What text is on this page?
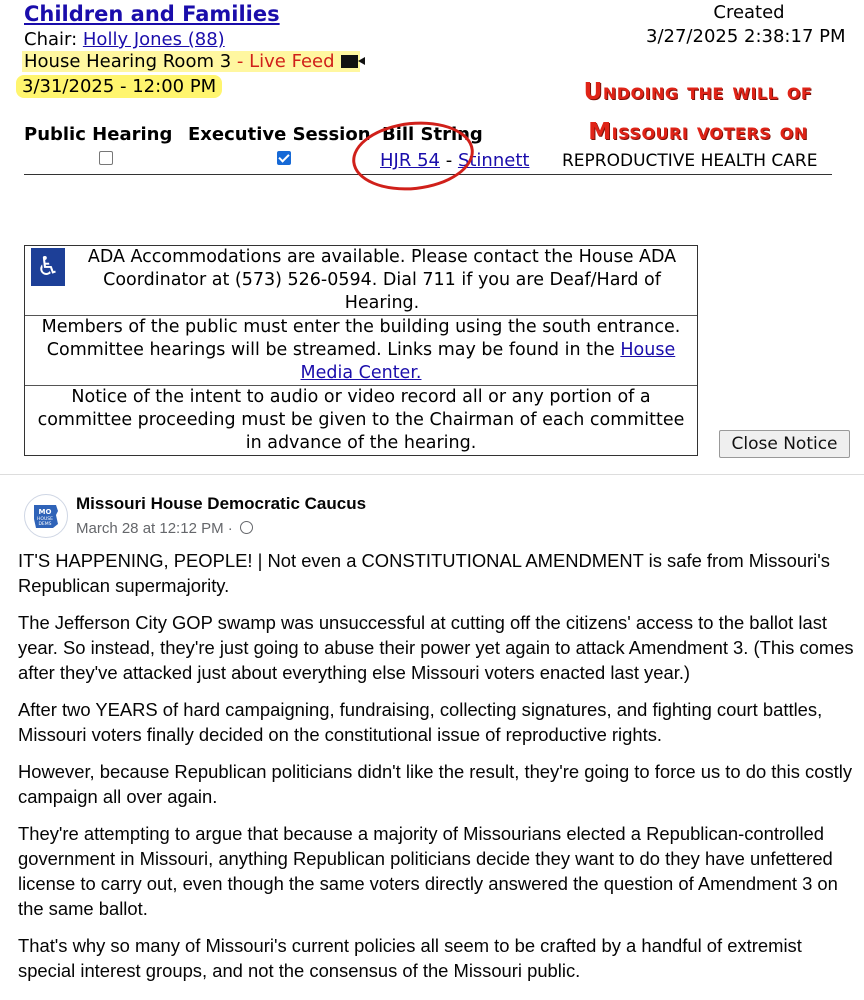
Children and Families
Chair: Holly Jones (88)
House Hearing Room 3 - Live Feed
3/31/2025 - 12:00 PM
Created
3/27/2025 2:38:17 PM
Undoing the will of
Missouri voters on
Public Hearing Executive Session Bill String
HJR 54 - Stinnett REPRODUCTIVE HEALTH CARE
♿	ADA Accommodations are available. Please contact the House ADA Coordinator at (573) 526-0594. Dial 711 if you are Deaf/Hard of Hearing.
Members of the public must enter the building using the south entrance. Committee hearings will be streamed. Links may be found in the House Media Center.
Notice of the intent to audio or video record all or any portion of a committee proceeding must be given to the Chairman of each committee in advance of the hearing.	Close Notice
MO
HOUSE
DEMS
Missouri House Democratic Caucus
March 28 at 12:12 PM ·

IT'S HAPPENING, PEOPLE! | Not even a CONSTITUTIONAL AMENDMENT is safe from Missouri's Republican supermajority.

The Jefferson City GOP swamp was unsuccessful at cutting off the citizens' access to the ballot last year. So instead, they're just going to abuse their power yet again to attack Amendment 3. (This comes after they've attacked just about everything else Missouri voters enacted last year.)

After two YEARS of hard campaigning, fundraising, collecting signatures, and fighting court battles, Missouri voters finally decided on the constitutional issue of reproductive rights.

However, because Republican politicians didn't like the result, they're going to force us to do this costly campaign all over again.

They're attempting to argue that because a majority of Missourians elected a Republican-controlled government in Missouri, anything Republican politicians decide they want to do they have unfettered license to carry out, even though the same voters directly answered the question of Amendment 3 on the same ballot.

That's why so many of Missouri's current policies all seem to be crafted by a handful of extremist special interest groups, and not the consensus of the Missouri public.
